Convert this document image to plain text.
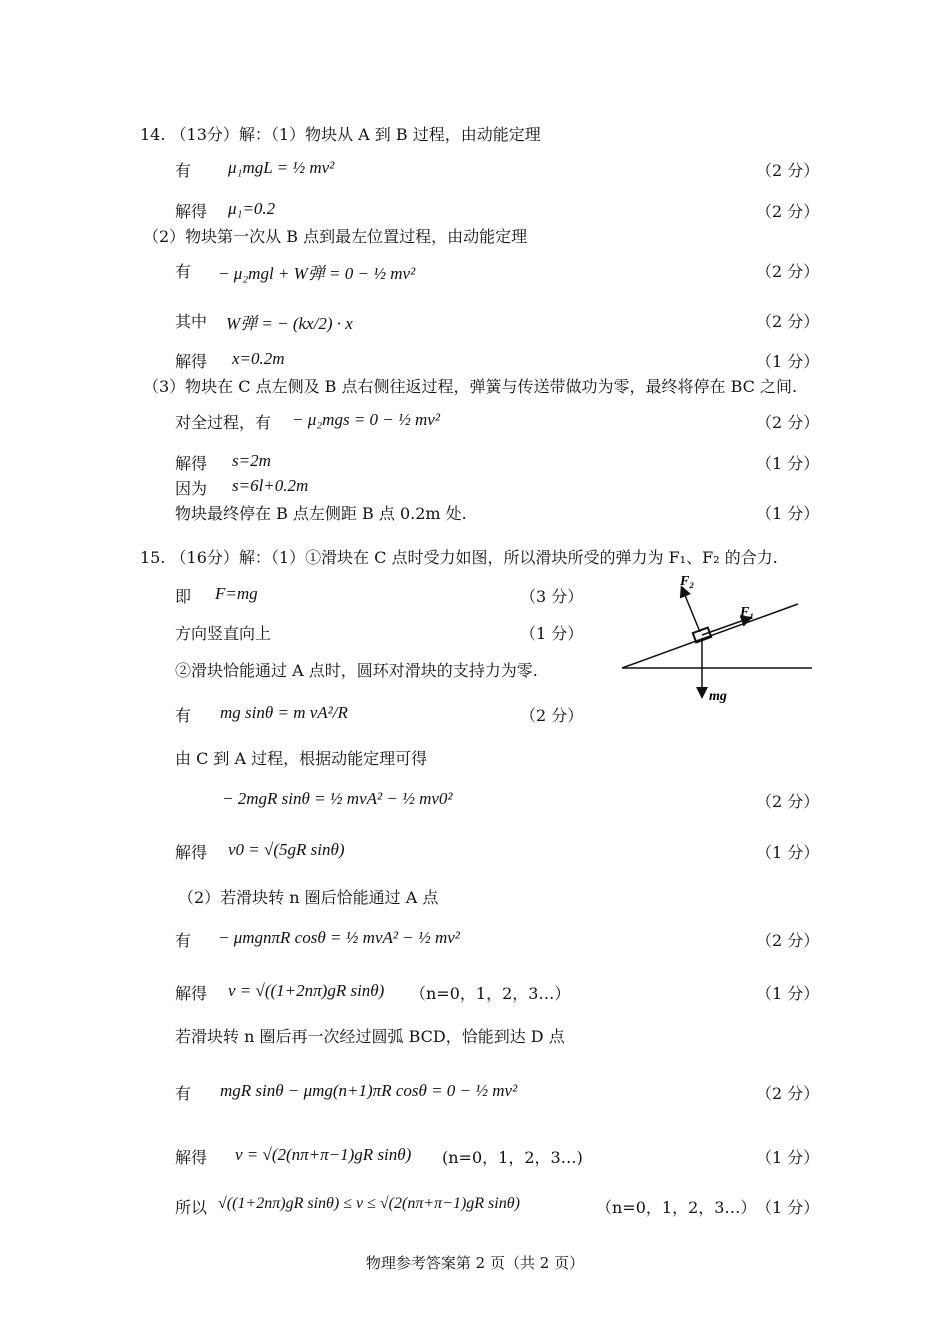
14. （13分）解：（1）物块从 A 到 B 过程，由动能定理
有 μ₁mgL = ½ mv²	（2 分）
解得 μ₁=0.2	（2 分）
（2）物块第一次从 B 点到最左位置过程，由动能定理
有 − μ₂mgl + W弹 = 0 − ½ mv²	（2 分）
其中 W弹 = − (kx/2) · x	（2 分）
解得 x=0.2m	（1 分）
（3）物块在 C 点左侧及 B 点右侧往返过程，弹簧与传送带做功为零，最终将停在 BC 之间.
对全过程，有 − μ₂mgs = 0 − ½ mv²	（2 分）
解得 s=2m	（1 分）
因为 s=6l+0.2m
物块最终停在 B 点左侧距 B 点 0.2m 处.	（1 分）
15. （16分）解：（1）①滑块在 C 点时受力如图，所以滑块所受的弹力为 F₁、F₂ 的合力.
即 F=mg	（3 分）
方向竖直向上	（1 分）
②滑块恰能通过 A 点时，圆环对滑块的支持力为零.
有 mg sinθ = m vA²/R	（2 分）
由 C 到 A 过程，根据动能定理可得
− 2mgR sinθ = ½ mvA² − ½ mv0²	（2 分）
解得 v0 = √(5gR sinθ)	（1 分）
（2）若滑块转 n 圈后恰能通过 A 点
有 − μmgnπR cosθ = ½ mvA² − ½ mv²	（2 分）
解得 v = √((1+2nπ)gR sinθ) （n=0，1，2，3…）	（1 分）
若滑块转 n 圈后再一次经过圆弧 BCD，恰能到达 D 点
有 mgR sinθ − μmg(n+1)πR cosθ = 0 − ½ mv²	（2 分）
解得 v = √(2(nπ+π−1)gR sinθ) (n=0，1，2，3…)	（1 分）
所以 √((1+2nπ)gR sinθ) ≤ v ≤ √(2(nπ+π−1)gR sinθ)	（n=0，1，2，3…） （1 分）
F₂
F₁
mg
物理参考答案第 2 页（共 2 页）
